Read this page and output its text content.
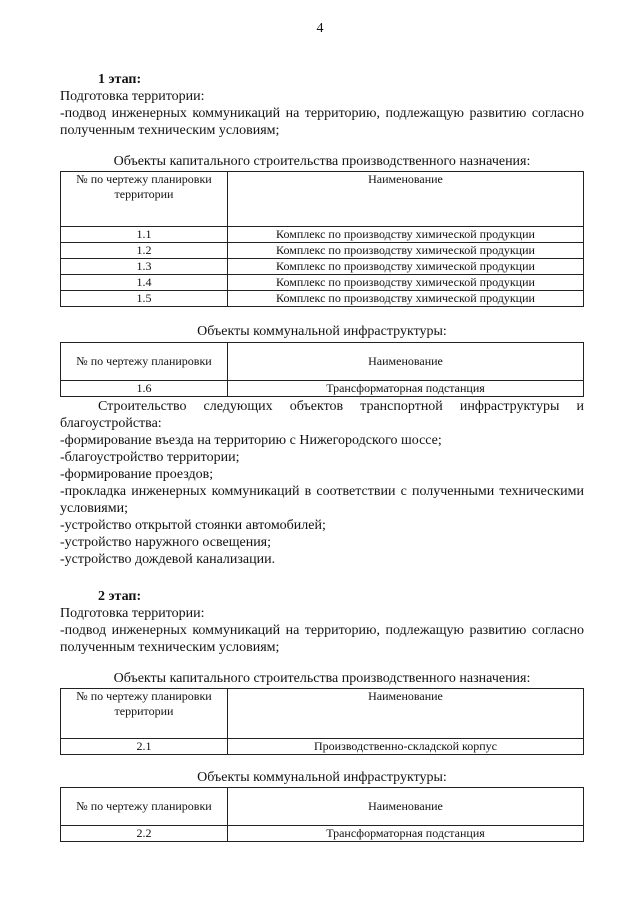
4
1 этап:
Подготовка территории:
-подвод инженерных коммуникаций на территорию, подлежащую развитию согласно полученным техническим условиям;
Объекты капитального строительства производственного назначения:
№ по чертежу планировки территории	Наименование
1.1	Комплекс по производству химической продукции
1.2	Комплекс по производству химической продукции
1.3	Комплекс по производству химической продукции
1.4	Комплекс по производству химической продукции
1.5	Комплекс по производству химической продукции
Объекты коммунальной инфраструктуры:
№ по чертежу планировки	Наименование
1.6	Трансформаторная подстанция
Строительство следующих объектов транспортной инфраструктуры и благоустройства:
-формирование въезда на территорию с Нижегородского шоссе;
-благоустройство территории;
-формирование проездов;
-прокладка инженерных коммуникаций в соответствии с полученными техническими условиями;
-устройство открытой стоянки автомобилей;
-устройство наружного освещения;
-устройство дождевой канализации.
2 этап:
Подготовка территории:
-подвод инженерных коммуникаций на территорию, подлежащую развитию согласно полученным техническим условиям;
Объекты капитального строительства производственного назначения:
№ по чертежу планировки территории	Наименование
2.1	Производственно-складской корпус
Объекты коммунальной инфраструктуры:
№ по чертежу планировки	Наименование
2.2	Трансформаторная подстанция
